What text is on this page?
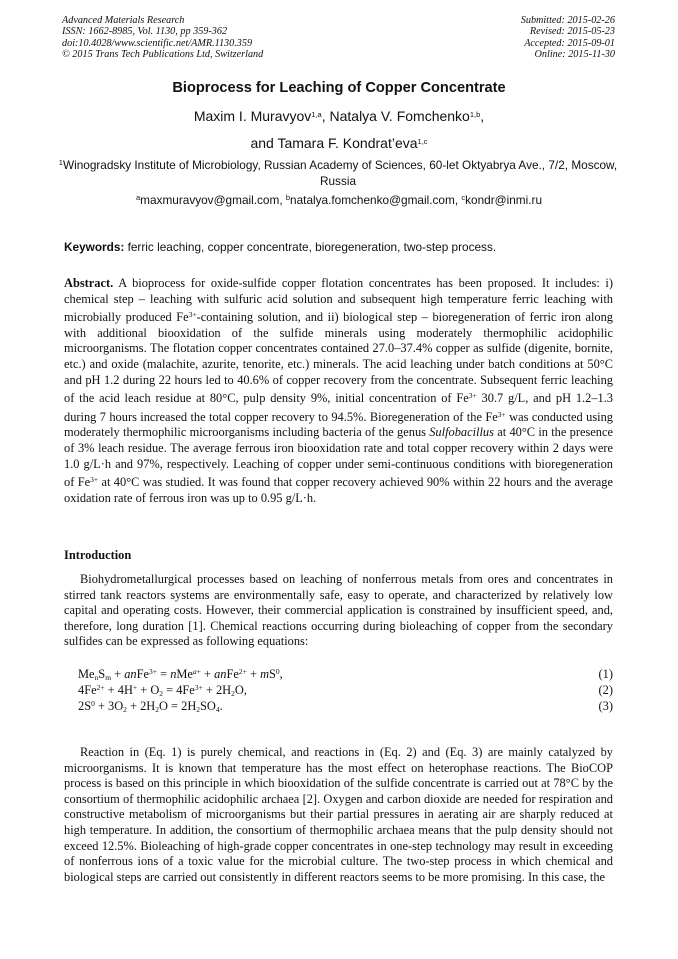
Advanced Materials Research
ISSN: 1662-8985, Vol. 1130, pp 359-362
doi:10.4028/www.scientific.net/AMR.1130.359
© 2015 Trans Tech Publications Ltd, Switzerland
Submitted: 2015-02-26
Revised: 2015-05-23
Accepted: 2015-09-01
Online: 2015-11-30
Bioprocess for Leaching of Copper Concentrate
Maxim I. Muravyov$^{1,a}$, Natalya V. Fomchenko$^{1,b}$,
and Tamara F. Kondrat’eva$^{1,c}$
$^1$Winogradsky Institute of Microbiology, Russian Academy of Sciences, 60-let Oktyabrya Ave., 7/2, Moscow, Russia
$^a$maxmuravyov@gmail.com, $^b$natalya.fomchenko@gmail.com, $^c$kondr@inmi.ru
Keywords: ferric leaching, copper concentrate, bioregeneration, two-step process.
Abstract. A bioprocess for oxide-sulfide copper flotation concentrates has been proposed. It includes: i) chemical step – leaching with sulfuric acid solution and subsequent high temperature ferric leaching with microbially produced $Fe^{3+}$-containing solution, and ii) biological step – bioregeneration of ferric iron along with additional biooxidation of the sulfide minerals using moderately thermophilic acidophilic microorganisms. The flotation copper concentrates contained 27.0–37.4% copper as sulfide (digenite, bornite, etc.) and oxide (malachite, azurite, tenorite, etc.) minerals. The acid leaching under batch conditions at 50°C and pH 1.2 during 22 hours led to 40.6% of copper recovery from the concentrate. Subsequent ferric leaching of the acid leach residue at 80°C, pulp density 9%, initial concentration of $Fe^{3+}$ 30.7 g/L, and pH 1.2–1.3 during 7 hours increased the total copper recovery to 94.5%. Bioregeneration of the $Fe^{3+}$ was conducted using moderately thermophilic microorganisms including bacteria of the genus Sulfobacillus at 40°C in the presence of 3% leach residue. The average ferrous iron biooxidation rate and total copper recovery within 2 days were 1.0 g/L·h and 97%, respectively. Leaching of copper under semi-continuous conditions with bioregeneration of $Fe^{3+}$ at 40°C was studied. It was found that copper recovery achieved 90% within 22 hours and the average oxidation rate of ferrous iron was up to 0.95 g/L·h.
Introduction
Biohydrometallurgical processes based on leaching of nonferrous metals from ores and concentrates in stirred tank reactors systems are environmentally safe, easy to operate, and characterized by relatively low capital and operating costs. However, their commercial application is constrained by insufficient speed, and, therefore, long duration [1]. Chemical reactions occurring during bioleaching of copper from the secondary sulfides can be expressed as following equations:
$Me_nS_m$ + anFe$^{3+}$ = nMe$^{a+}$ + anFe$^{2+}$ + $mS^0$,	(1)
$4Fe^{2+} + 4H^+ + O_2 = 4Fe^{3+} + 2H_2O$,	(2)
$2S^0 + 3O_2 + 2H_2O = 2H_2SO_4$.	(3)
Reaction in (Eq. 1) is purely chemical, and reactions in (Eq. 2) and (Eq. 3) are mainly catalyzed by microorganisms. It is known that temperature has the most effect on heterophase reactions. The BioCOP process is based on this principle in which biooxidation of the sulfide concentrate is carried out at 78°C by the consortium of thermophilic acidophilic archaea [2]. Oxygen and carbon dioxide are needed for respiration and constructive metabolism of microorganisms but their partial pressures in aerating air are sharply reduced at high temperature. In addition, the consortium of thermophilic archaea means that the pulp density should not exceed 12.5%. Bioleaching of high-grade copper concentrates in one-step technology may result in exceeding of nonferrous ions of a toxic value for the microbial culture. The two-step process in which chemical and biological steps are carried out consistently in different reactors seems to be more promising. In this case, the
